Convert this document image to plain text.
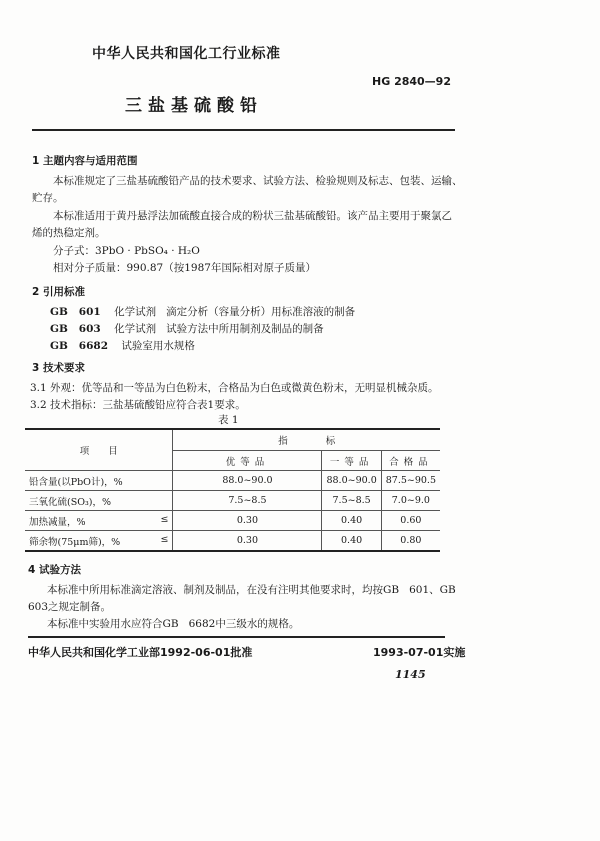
中华人民共和国化工行业标准
HG 2840—92
三盐基硫酸铅
1 主题内容与适用范围
本标准规定了三盐基硫酸铅产品的技术要求、试验方法、检验规则及标志、包装、运输、
贮存。
本标准适用于黄丹悬浮法加硫酸直接合成的粉状三盐基硫酸铅。该产品主要用于聚氯乙
烯的热稳定剂。
分子式：3PbO · PbSO₄ · H₂O
相对分子质量：990.87（按1987年国际相对原子质量）
2 引用标准
GB   601 化学试剂   滴定分析（容量分析）用标准溶液的制备
GB   603 化学试剂   试验方法中所用制剂及制品的制备
GB   6682 试验室用水规格
3 技术要求
3.1 外观：优等品和一等品为白色粉末，合格品为白色或微黄色粉末，无明显机械杂质。
3.2 技术指标：三盐基硫酸铅应符合表1要求。
表 1
项　　目	指　　　　标		
	优等品	一等品	合格品

铅含量(以PbO计)，%	88.0~90.0	88.0~90.0	87.5~90.5

三氧化硫(SO₃)，%	7.5~8.5	7.5~8.5	7.0~9.0

加热减量，% ≤	0.30	0.40	0.60

筛余物(75μm筛)，% ≤	0.30	0.40	0.80
4 试验方法
本标准中所用标准滴定溶液、制剂及制品，在没有注明其他要求时，均按GB   601、GB
603之规定制备。
本标准中实验用水应符合GB   6682中三级水的规格。
中华人民共和国化学工业部1992-06-01批准	1993-07-01实施
1145
